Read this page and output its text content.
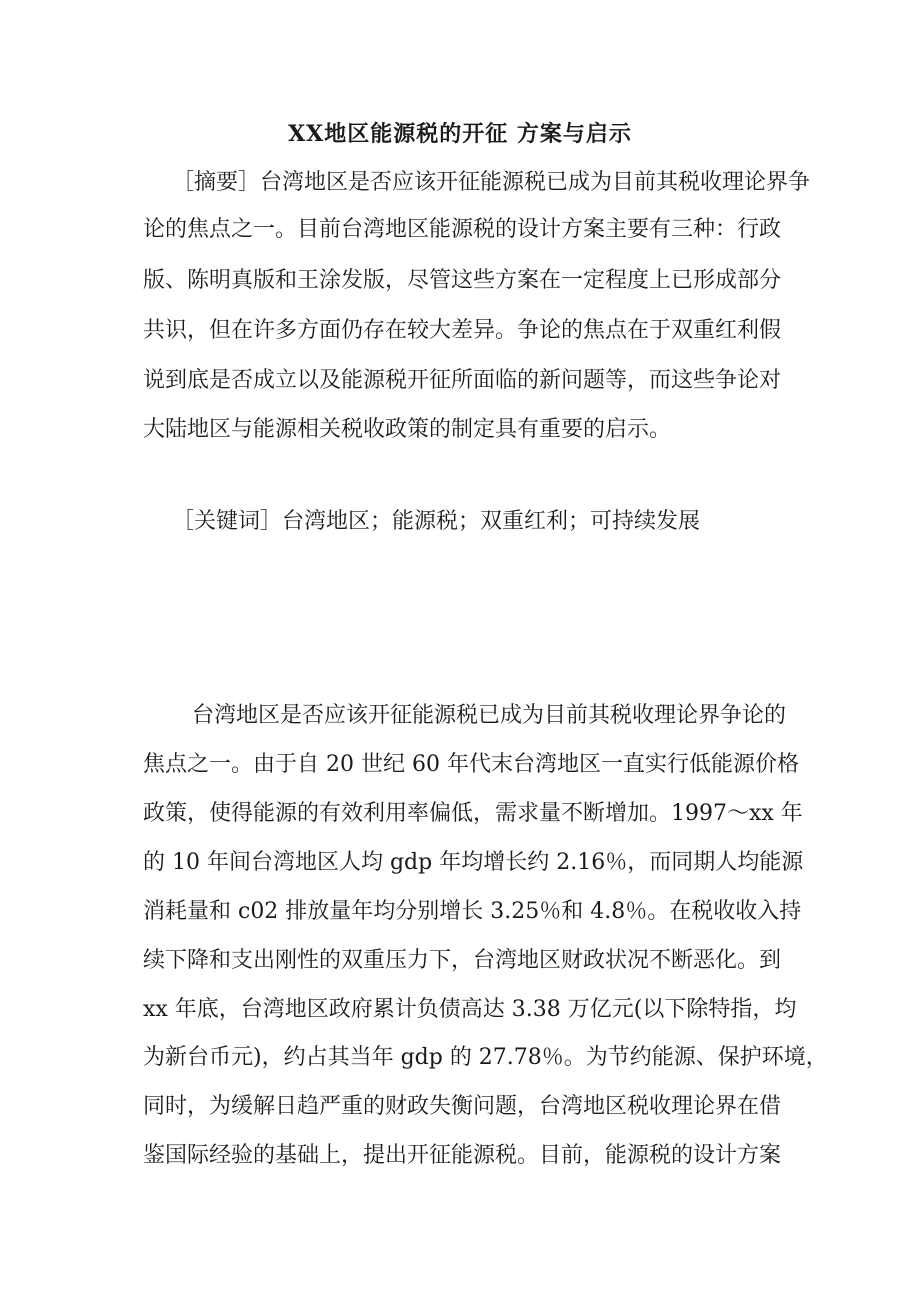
XX地区能源税的开征 方案与启示
［摘要］台湾地区是否应该开征能源税已成为目前其税收理论界争
论的焦点之一。目前台湾地区能源税的设计方案主要有三种：行政
版、陈明真版和王涂发版，尽管这些方案在一定程度上已形成部分
共识，但在许多方面仍存在较大差异。争论的焦点在于双重红利假
说到底是否成立以及能源税开征所面临的新问题等，而这些争论对
大陆地区与能源相关税收政策的制定具有重要的启示。
［关键词］台湾地区；能源税；双重红利；可持续发展
台湾地区是否应该开征能源税已成为目前其税收理论界争论的
焦点之一。由于自 20 世纪 60 年代末台湾地区一直实行低能源价格
政策，使得能源的有效利用率偏低，需求量不断增加。1997～xx 年
的 10 年间台湾地区人均 gdp 年均增长约 2.16％，而同期人均能源
消耗量和 c02 排放量年均分别增长 3.25％和 4.8％。在税收收入持
续下降和支出刚性的双重压力下，台湾地区财政状况不断恶化。到
xx 年底，台湾地区政府累计负债高达 3.38 万亿元(以下除特指，均
为新台币元)，约占其当年 gdp 的 27.78％。为节约能源、保护环境，
同时，为缓解日趋严重的财政失衡问题，台湾地区税收理论界在借
鉴国际经验的基础上，提出开征能源税。目前，能源税的设计方案
